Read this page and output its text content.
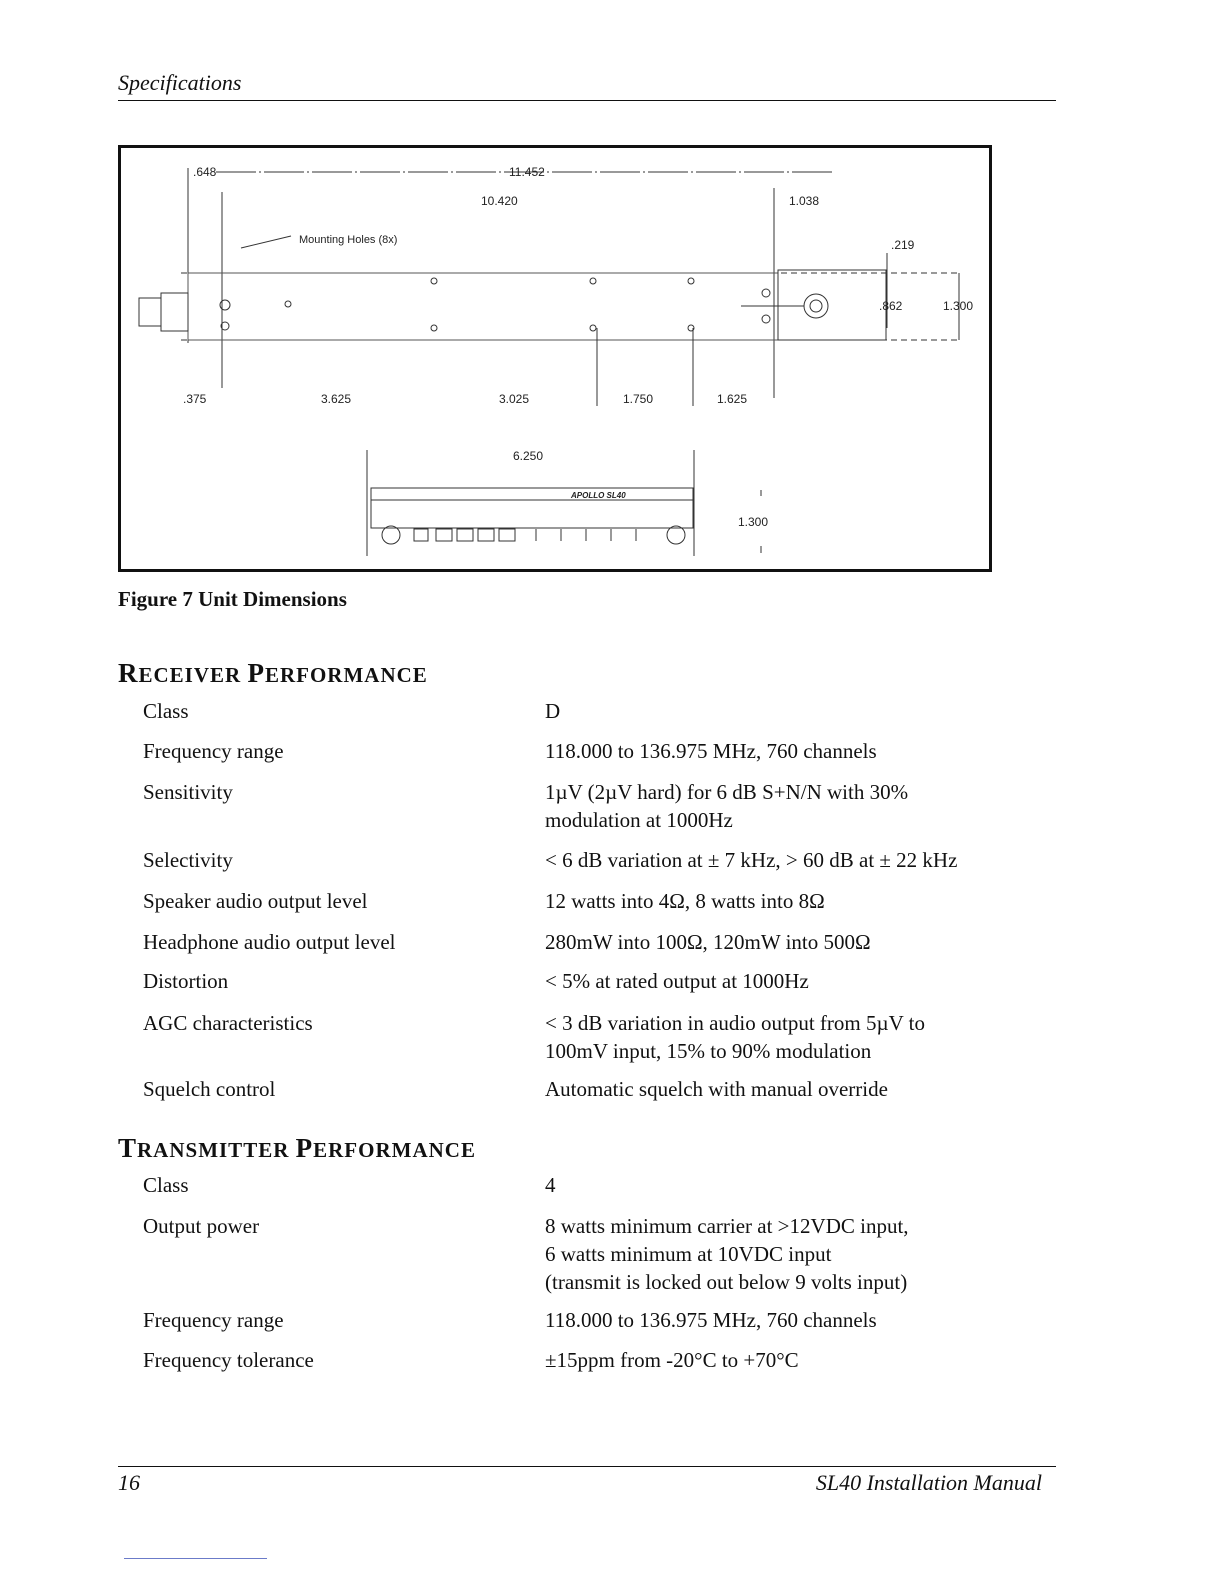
Specifications
.648	11.452
10.420	1.038
Mounting Holes (8x)	.219
.862	1.300
.375	3.625	3.025	1.750	1.625
6.250
1.300
APOLLO SL40
Figure 7 Unit Dimensions
RECEIVER PERFORMANCE
Class	D
Frequency range	118.000 to 136.975 MHz, 760 channels
Sensitivity	1µV (2µV hard) for 6 dB S+N/N with 30%
modulation at 1000Hz
Selectivity	< 6 dB variation at ± 7 kHz, > 60 dB at ± 22 kHz
Speaker audio output level	12 watts into 4Ω, 8 watts into 8Ω
Headphone audio output level	280mW into 100Ω, 120mW into 500Ω
Distortion	< 5% at rated output at 1000Hz
AGC characteristics	< 3 dB variation in audio output from 5µV to
100mV input, 15% to 90% modulation
Squelch control	Automatic squelch with manual override
TRANSMITTER PERFORMANCE
Class	4
Output power	8 watts minimum carrier at >12VDC input,
6 watts minimum at 10VDC input
(transmit is locked out below 9 volts input)
Frequency range	118.000 to 136.975 MHz, 760 channels
Frequency tolerance	±15ppm from -20°C to +70°C
16	SL40 Installation Manual
